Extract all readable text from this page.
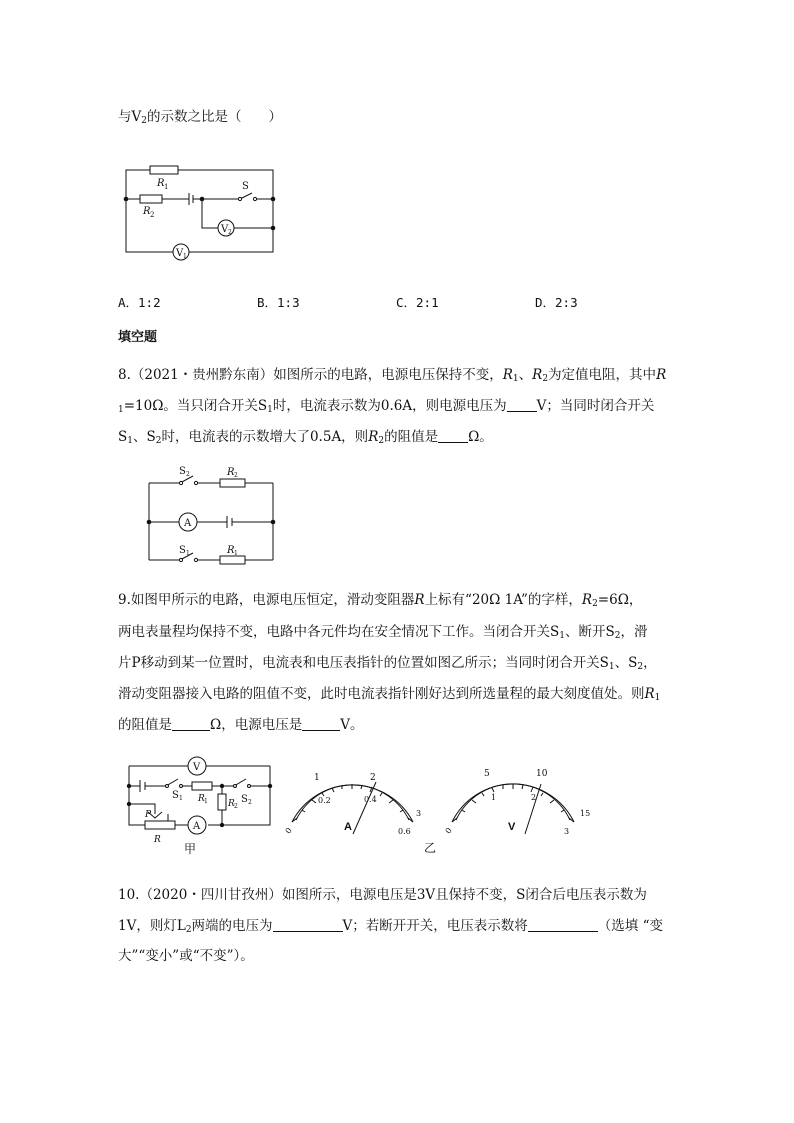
与$V_2$的示数之比是（　　）
R 1
R 2
S
V 2
V 1
A．1:2	B．1:3	C．2:1	D．2:3
填空题
8.（2021・贵州黔东南）如图所示的电路，电源电压保持不变，$R_1$、$R_2$为定值电阻，其中R
$_1$=10Ω。当只闭合开关$S_1$时，电流表示数为0.6A，则电源电压为 V；当同时闭合开关
$S_1$、$S_2$时，电流表的示数增大了0.5A，则$R_2$的阻值是 Ω。
S 2	R 2
A
S 1	R 1
9.如图甲所示的电路，电源电压恒定，滑动变阻器R上标有“20Ω 1A”的字样，$R_2=6\Omega$，
两电表量程均保持不变，电路中各元件均在安全情况下工作。当闭合开关$S_1$、断开$S_2$，滑
片P移动到某一位置时，电流表和电压表指针的位置如图乙所示；当同时闭合开关$S_1$、$S_2$，
滑动变阻器接入电路的阻值不变，此时电流表指针刚好达到所选量程的最大刻度值处。则$R_1$
的阻值是	Ω，电源电压是	V。
V
S 1 R 1 R 2
S 2
P
R
A
甲
1	2
3
0
0.2	0.4
0.6
A
5	10
15
0
1	2
3
V
乙
10.（2020・四川甘孜州）如图所示，电源电压是3V且保持不变，S闭合后电压表示数为
1V，则灯$L_2$两端的电压为	V；若断开开关，电压表示数将	（选填 “变
大”“变小”或“不变”）。
